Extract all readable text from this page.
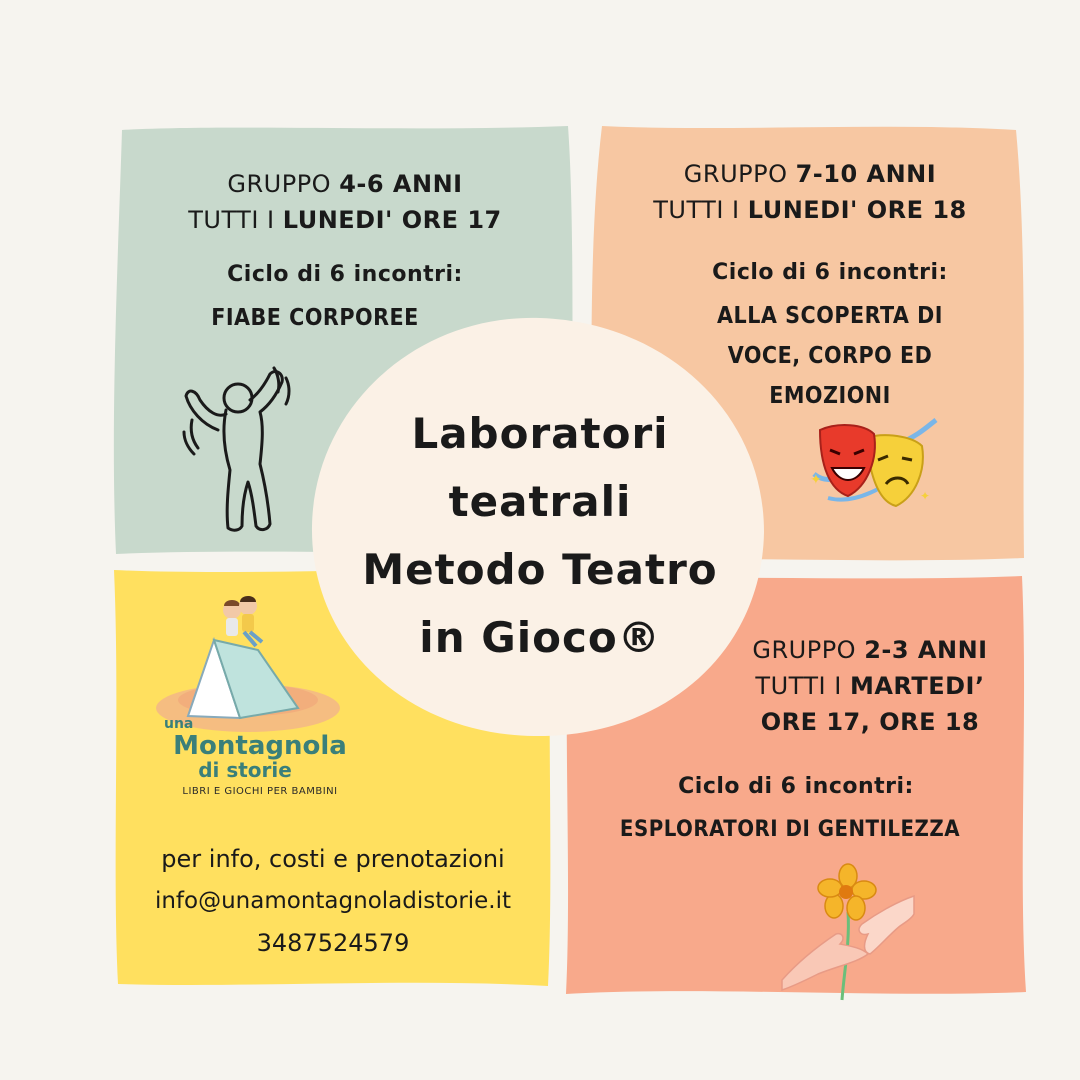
GRUPPO 4-6 ANNI
TUTTI I LUNEDI' ORE 17
Ciclo di 6 incontri:
FIABE CORPOREE
GRUPPO 7-10 ANNI
TUTTI I LUNEDI' ORE 18
Ciclo di 6 incontri:
ALLA SCOPERTA DI
VOCE, CORPO ED
EMOZIONI
✦
✦
Laboratori
teatrali
Metodo Teatro
in Gioco®
una
Montagnola
di storie
LIBRI E GIOCHI PER BAMBINI
per info, costi e prenotazioni
info@unamontagnoladistorie.it
3487524579
GRUPPO 2-3 ANNI
TUTTI I MARTEDI’
ORE 17, ORE 18
Ciclo di 6 incontri:
ESPLORATORI DI GENTILEZZA
